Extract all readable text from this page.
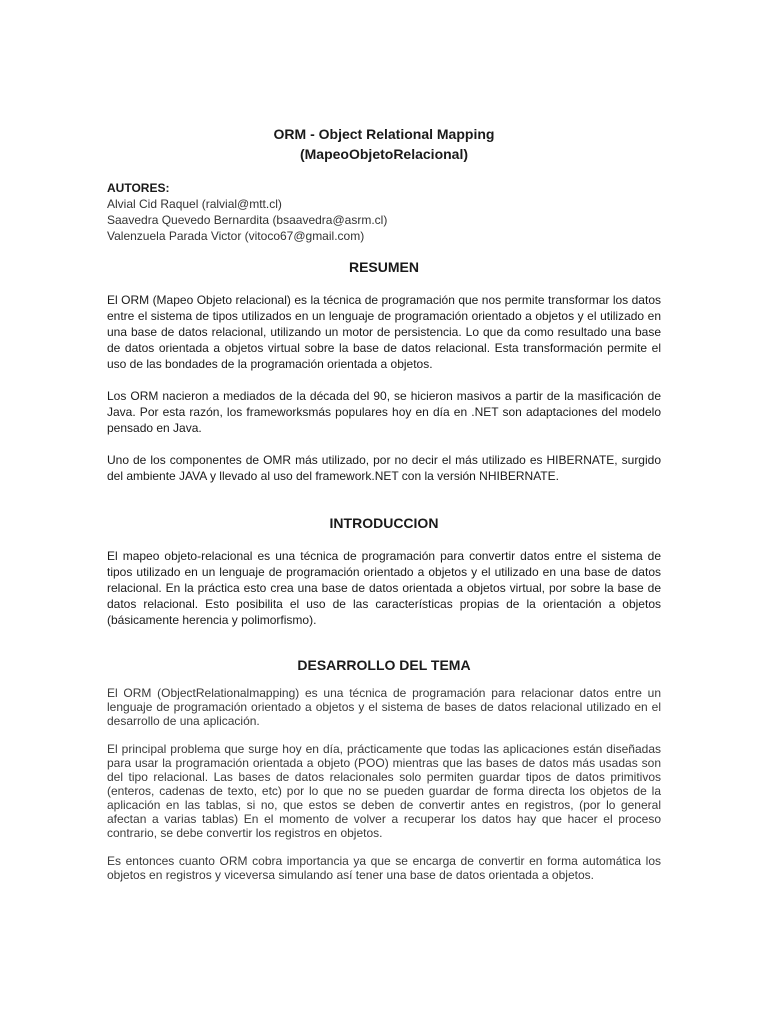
ORM - Object Relational Mapping

(MapeoObjetoRelacional)

AUTORES:
Alvial Cid Raquel (ralvial@mtt.cl)
Saavedra Quevedo Bernardita (bsaavedra@asrm.cl)
Valenzuela Parada Victor (vitoco67@gmail.com)

RESUMEN

El ORM (Mapeo Objeto relacional) es la técnica de programación que nos permite transformar los datos entre el sistema de tipos utilizados en un lenguaje de programación orientado a objetos y el utilizado en una base de datos relacional, utilizando un motor de persistencia. Lo que da como resultado una base de datos orientada a objetos virtual sobre la base de datos relacional. Esta transformación permite el uso de las bondades de la programación orientada a objetos.

Los ORM nacieron a mediados de la década del 90, se hicieron masivos a partir de la masificación de Java. Por esta razón, los frameworksmás populares hoy en día en .NET son adaptaciones del modelo pensado en Java.

Uno de los componentes de OMR más utilizado, por no decir el más utilizado es HIBERNATE, surgido del ambiente JAVA y llevado al uso del framework.NET con la versión NHIBERNATE.

INTRODUCCION

El mapeo objeto-relacional es una técnica de programación para convertir datos entre el sistema de tipos utilizado en un lenguaje de programación orientado a objetos y el utilizado en una base de datos relacional. En la práctica esto crea una base de datos orientada a objetos virtual, por sobre la base de datos relacional. Esto posibilita el uso de las características propias de la orientación a objetos (básicamente herencia y polimorfismo).

DESARROLLO DEL TEMA

El ORM (ObjectRelationalmapping) es una técnica de programación para relacionar datos entre un lenguaje de programación orientado a objetos y el sistema de bases de datos relacional utilizado en el desarrollo de una aplicación.

El principal problema que surge hoy en día, prácticamente que todas las aplicaciones están diseñadas para usar la programación orientada a objeto (POO) mientras que las bases de datos más usadas son del tipo relacional. Las bases de datos relacionales solo permiten guardar tipos de datos primitivos (enteros, cadenas de texto, etc) por lo que no se pueden guardar de forma directa los objetos de la aplicación en las tablas, si no, que estos se deben de convertir antes en registros, (por lo general afectan a varias tablas) En el momento de volver a recuperar los datos hay que hacer el proceso contrario, se debe convertir los registros en objetos.

Es entonces cuanto ORM cobra importancia ya que se encarga de convertir en forma automática los objetos en registros y viceversa simulando así tener una base de datos orientada a objetos.
